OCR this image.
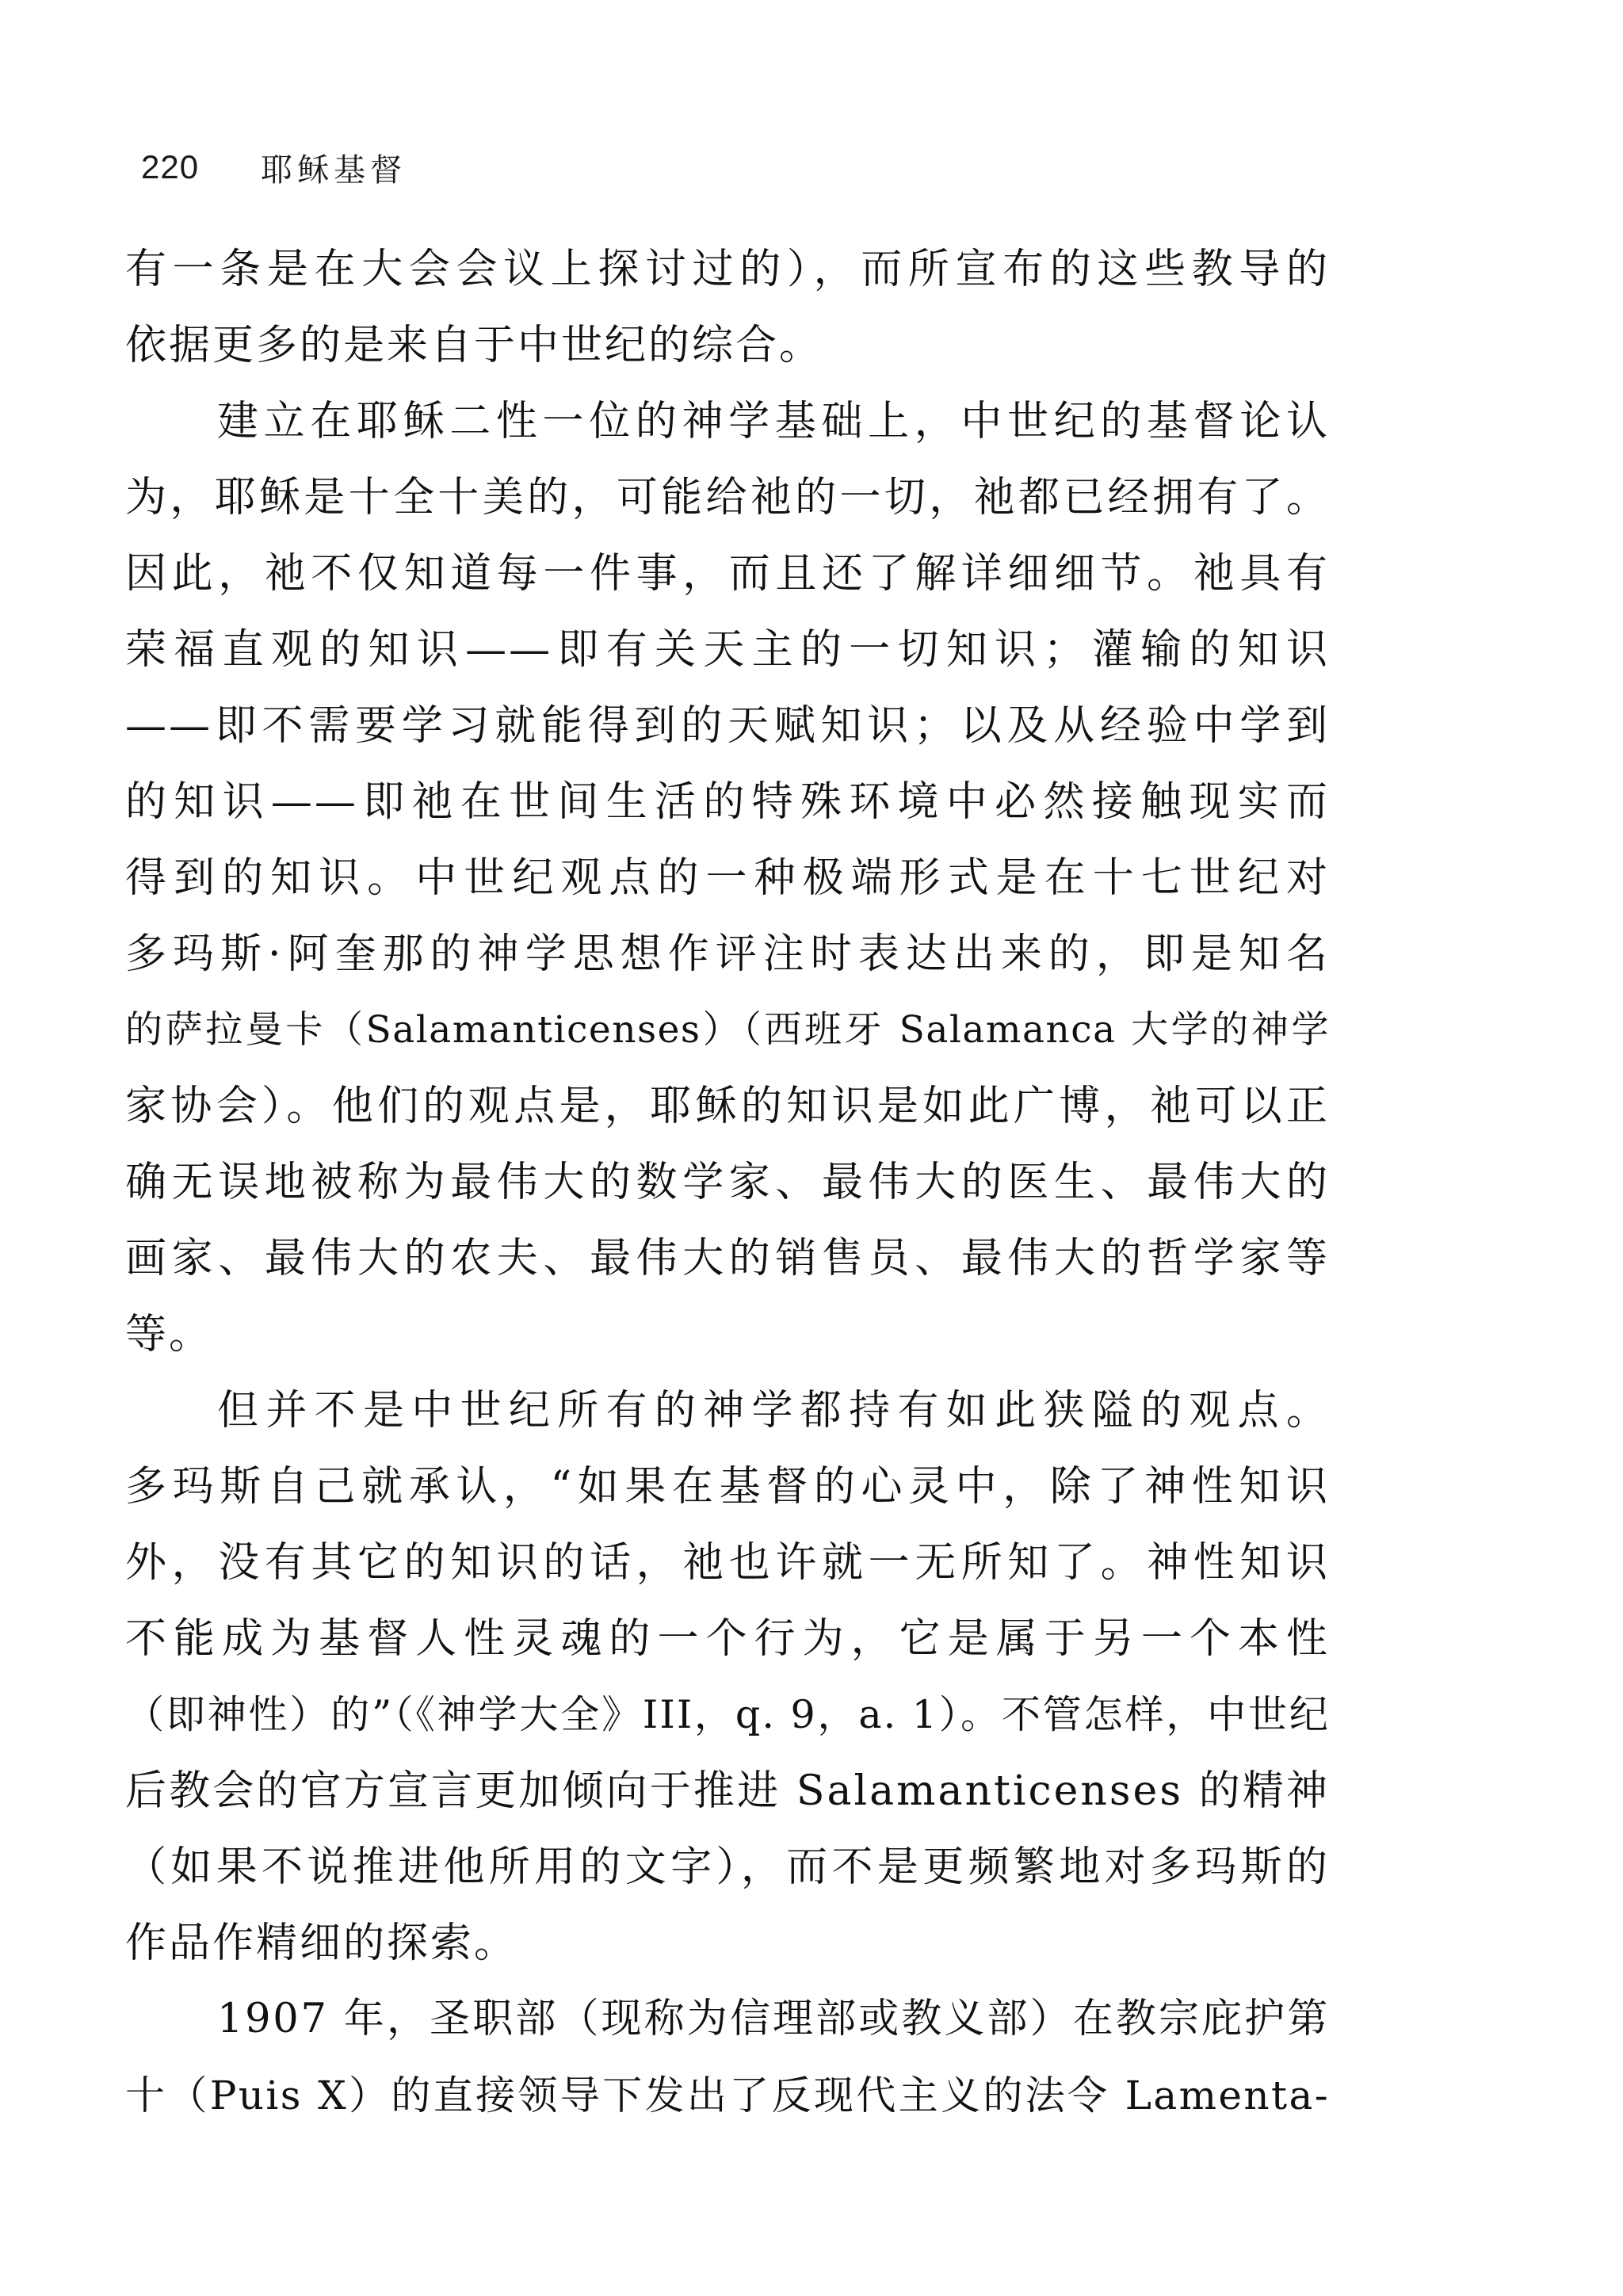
220 耶稣基督
有一条是在大会会议上探讨过的），而所宣布的这些教导的
依据更多的是来自于中世纪的综合。
建立在耶稣二性一位的神学基础上，中世纪的基督论认
为，耶稣是十全十美的，可能给祂的一切，祂都已经拥有了。
因此，祂不仅知道每一件事，而且还了解详细细节。祂具有
荣福直观的知识——即有关天主的一切知识；灌输的知识
——即不需要学习就能得到的天赋知识；以及从经验中学到
的知识——即祂在世间生活的特殊环境中必然接触现实而
得到的知识。中世纪观点的一种极端形式是在十七世纪对
多玛斯·阿奎那的神学思想作评注时表达出来的，即是知名
的萨拉曼卡（Salamanticenses）（西班牙 Salamanca 大学的神学
家协会）。他们的观点是，耶稣的知识是如此广博，祂可以正
确无误地被称为最伟大的数学家、最伟大的医生、最伟大的
画家、最伟大的农夫、最伟大的销售员、最伟大的哲学家等
等。
但并不是中世纪所有的神学都持有如此狭隘的观点。
多玛斯自己就承认，“如果在基督的心灵中，除了神性知识
外，没有其它的知识的话，祂也许就一无所知了。神性知识
不能成为基督人性灵魂的一个行为，它是属于另一个本性
（即神性）的”（《神学大全》III，q. 9，a. 1）。不管怎样，中世纪
后教会的官方宣言更加倾向于推进 Salamanticenses 的精神
（如果不说推进他所用的文字），而不是更频繁地对多玛斯的
作品作精细的探索。
1907 年，圣职部（现称为信理部或教义部）在教宗庇护第
十（Puis X）的直接领导下发出了反现代主义的法令 Lamenta-
